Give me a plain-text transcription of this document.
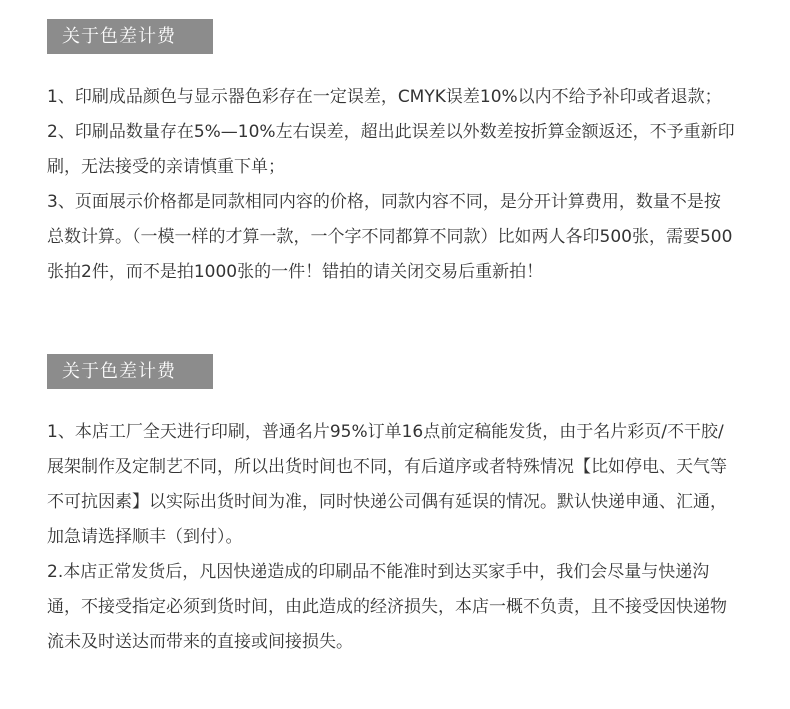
关于色差计费

1、印刷成品颜色与显示器色彩存在一定误差，CMYK误差10%以内不给予补印或者退款；

2、印刷品数量存在5%—10%左右误差，超出此误差以外数差按折算金额返还，不予重新印刷，无法接受的亲请慎重下单；

3、页面展示价格都是同款相同内容的价格，同款内容不同，是分开计算费用，数量不是按总数计算。（一模一样的才算一款，一个字不同都算不同款）比如两人各印500张，需要500张拍2件，而不是拍1000张的一件！错拍的请关闭交易后重新拍！

关于色差计费

1、本店工厂全天进行印刷，普通名片95%订单16点前定稿能发货，由于名片彩页/不干胶/展架制作及定制艺不同，所以出货时间也不同，有后道序或者特殊情况【比如停电、天气等不可抗因素】以实际出货时间为准，同时快递公司偶有延误的情况。默认快递申通、汇通，加急请选择顺丰（到付）。

2.本店正常发货后，凡因快递造成的印刷品不能准时到达买家手中，我们会尽量与快递沟通，不接受指定必须到货时间，由此造成的经济损失，本店一概不负责，且不接受因快递物流未及时送达而带来的直接或间接损失。
